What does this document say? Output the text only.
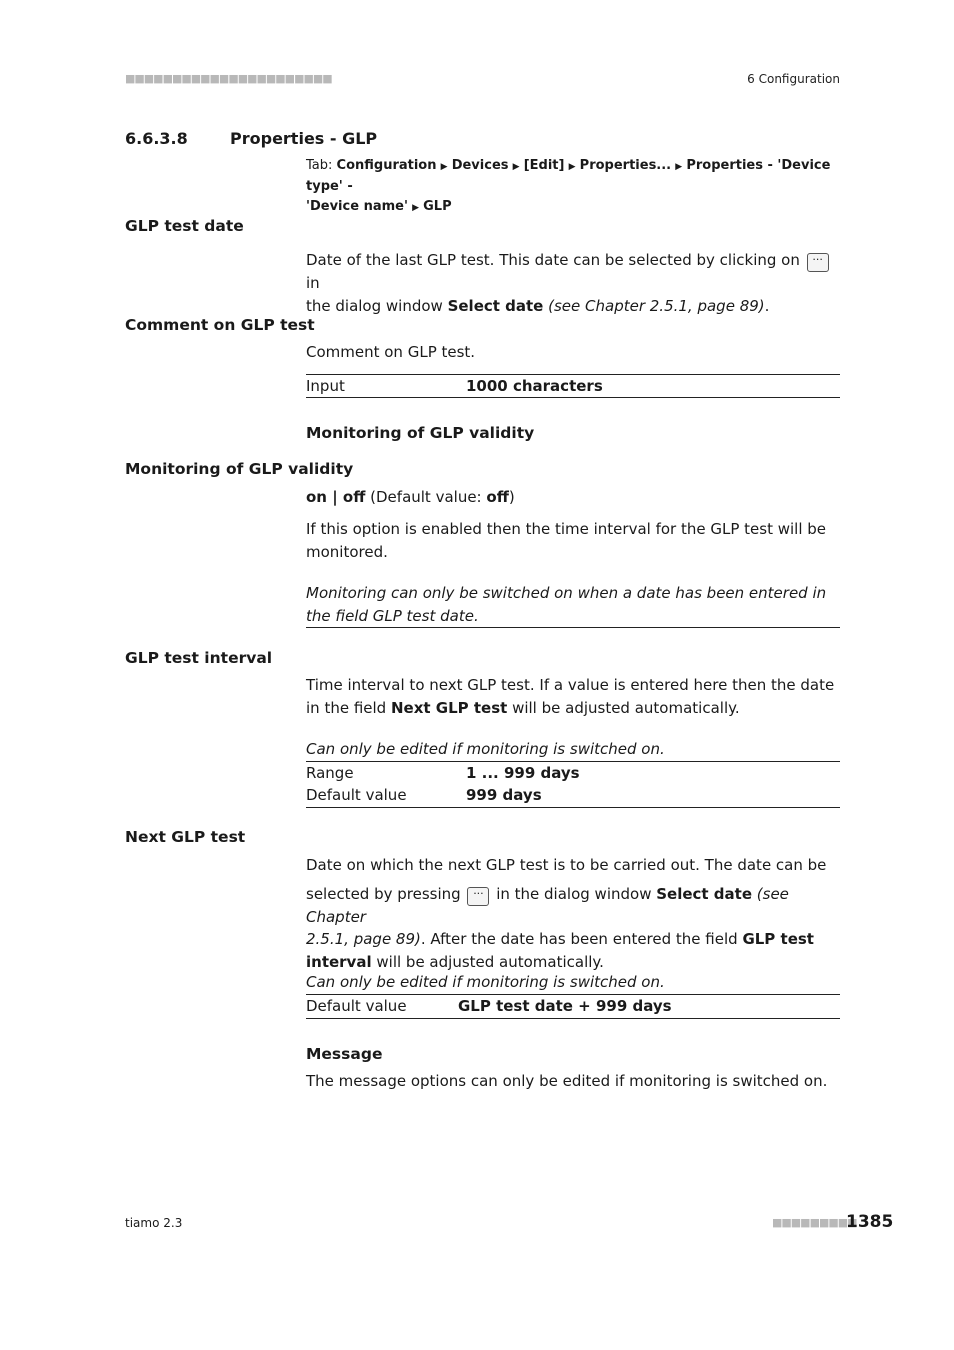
■■■■■■■■■■■■■■■■■■■■■■	6 Configuration
6.6.3.8	Properties - GLP
Tab: Configuration ▶ Devices ▶ [Edit] ▶ Properties... ▶ Properties - 'Device type' -
'Device name' ▶ GLP
GLP test date
Date of the last GLP test. This date can be selected by clicking on ··· in
the dialog window Select date (see Chapter 2.5.1, page 89).
Comment on GLP test
Comment on GLP test.
Input	1000 characters
Monitoring of GLP validity
Monitoring of GLP validity
on | off (Default value: off)
If this option is enabled then the time interval for the GLP test will be monitored.
Monitoring can only be switched on when a date has been entered in the field GLP test date.
GLP test interval
Time interval to next GLP test. If a value is entered here then the date in the field Next GLP test will be adjusted automatically.
Can only be edited if monitoring is switched on.
Range	1 ... 999 days
Default value	999 days
Next GLP test
Date on which the next GLP test is to be carried out. The date can be
selected by pressing ··· in the dialog window Select date (see Chapter
2.5.1, page 89). After the date has been entered the field GLP test
interval will be adjusted automatically.
Can only be edited if monitoring is switched on.
Default value	GLP test date + 999 days
Message
The message options can only be edited if monitoring is switched on.
tiamo 2.3	■■■■■■■■■
1385
